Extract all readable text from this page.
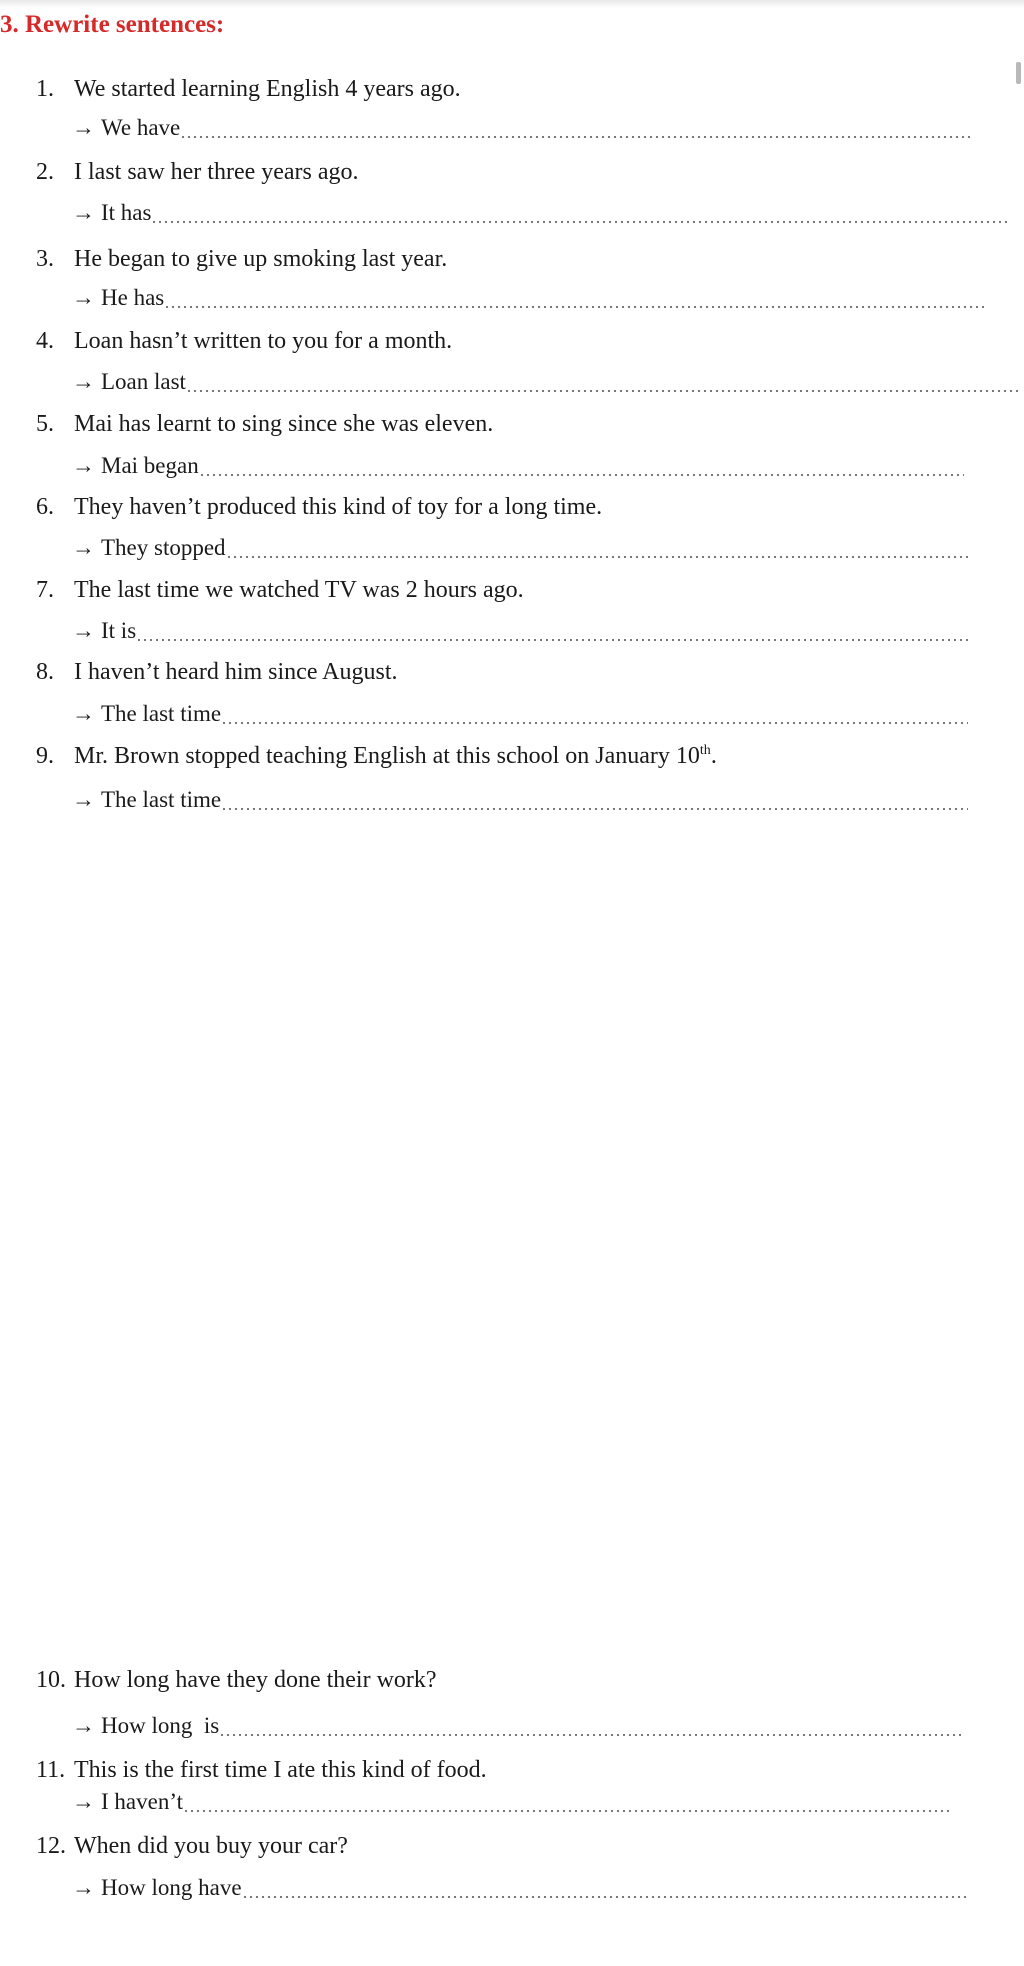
3. Rewrite sentences:
1. We started learning English 4 years ago.
→ We have
2. I last saw her three years ago.
→ It has
3. He began to give up smoking last year.
→ He has
4. Loan hasn’t written to you for a month.
→ Loan last
5. Mai has learnt to sing since she was eleven.
→ Mai began
6. They haven’t produced this kind of toy for a long time.
→ They stopped
7. The last time we watched TV was 2 hours ago.
→ It is
8. I haven’t heard him since August.
→ The last time
9. Mr. Brown stopped teaching English at this school on January 10th.
→ The last time
10. How long have they done their work?
→ How long  is
11. This is the first time I ate this kind of food.
→ I haven’t
12. When did you buy your car?
→ How long have
